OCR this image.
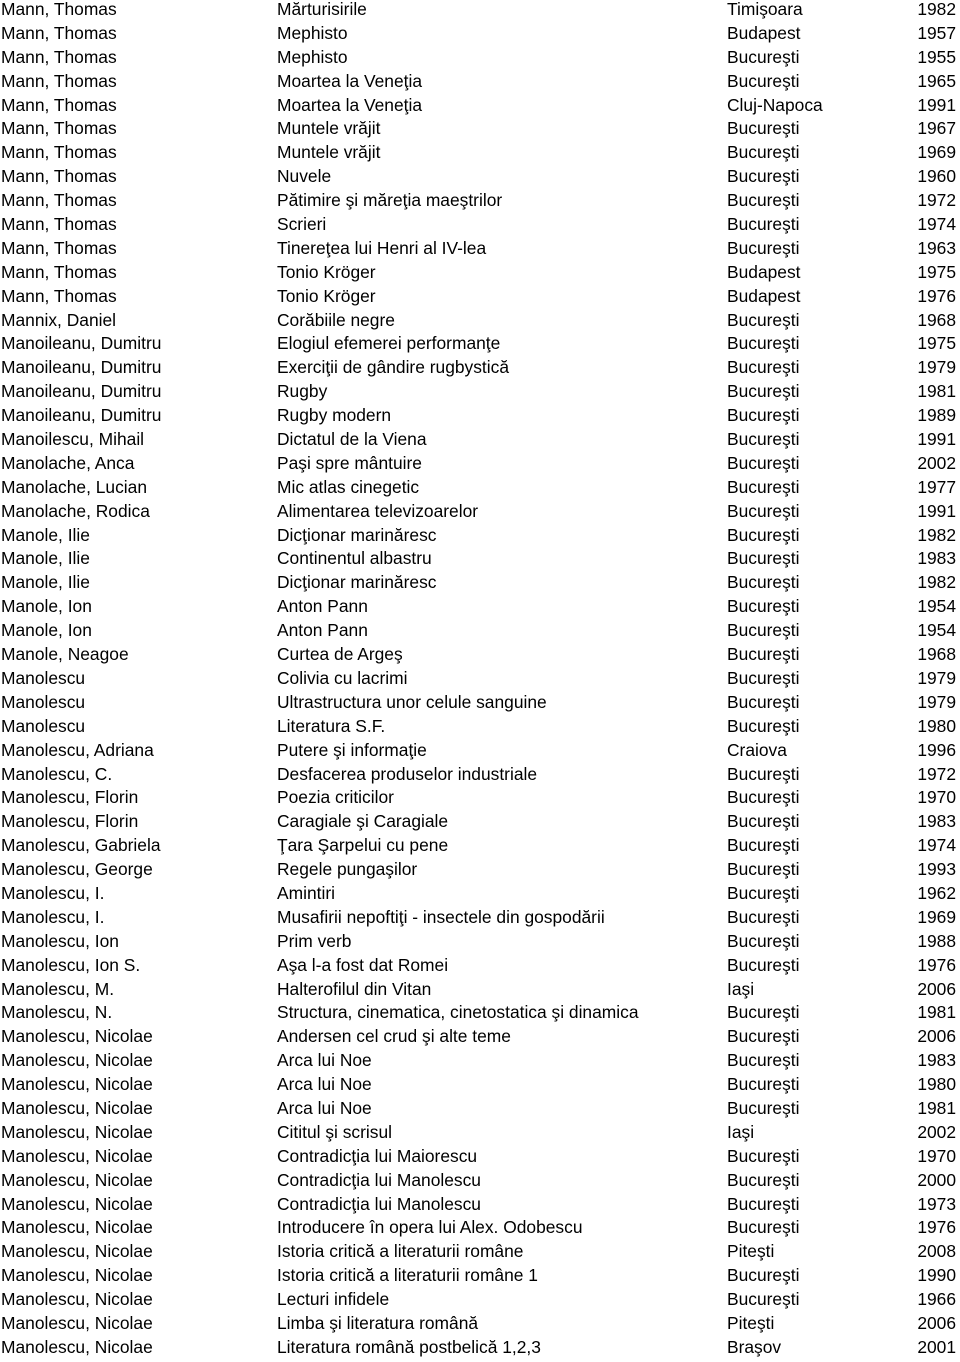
Mann, Thomas	Mărturisirile	Timişoara	1982
Mann, Thomas	Mephisto	Budapest	1957
Mann, Thomas	Mephisto	Bucureşti	1955
Mann, Thomas	Moartea la Veneţia	Bucureşti	1965
Mann, Thomas	Moartea la Veneţia	Cluj-Napoca	1991
Mann, Thomas	Muntele vrăjit	Bucureşti	1967
Mann, Thomas	Muntele vrăjit	Bucureşti	1969
Mann, Thomas	Nuvele	Bucureşti	1960
Mann, Thomas	Pătimire şi măreţia maeştrilor	Bucureşti	1972
Mann, Thomas	Scrieri	Bucureşti	1974
Mann, Thomas	Tinereţea lui Henri al IV-lea	Bucureşti	1963
Mann, Thomas	Tonio Kröger	Budapest	1975
Mann, Thomas	Tonio Kröger	Budapest	1976
Mannix, Daniel	Corăbiile negre	Bucureşti	1968
Manoileanu, Dumitru	Elogiul efemerei performanţe	Bucureşti	1975
Manoileanu, Dumitru	Exerciţii de gândire rugbystică	Bucureşti	1979
Manoileanu, Dumitru	Rugby	Bucureşti	1981
Manoileanu, Dumitru	Rugby modern	Bucureşti	1989
Manoilescu, Mihail	Dictatul de la Viena	Bucureşti	1991
Manolache, Anca	Paşi spre mântuire	Bucureşti	2002
Manolache, Lucian	Mic atlas cinegetic	Bucureşti	1977
Manolache, Rodica	Alimentarea televizoarelor	Bucureşti	1991
Manole, Ilie	Dicţionar marinăresc	Bucureşti	1982
Manole, Ilie	Continentul albastru	Bucureşti	1983
Manole, Ilie	Dicţionar marinăresc	Bucureşti	1982
Manole, Ion	Anton Pann	Bucureşti	1954
Manole, Ion	Anton Pann	Bucureşti	1954
Manole, Neagoe	Curtea de Argeş	Bucureşti	1968
Manolescu	Colivia cu lacrimi	Bucureşti	1979
Manolescu	Ultrastructura unor celule sanguine	Bucureşti	1979
Manolescu	Literatura S.F.	Bucureşti	1980
Manolescu, Adriana	Putere şi informaţie	Craiova	1996
Manolescu, C.	Desfacerea produselor industriale	Bucureşti	1972
Manolescu, Florin	Poezia criticilor	Bucureşti	1970
Manolescu, Florin	Caragiale şi Caragiale	Bucureşti	1983
Manolescu, Gabriela	Ţara Şarpelui cu pene	Bucureşti	1974
Manolescu, George	Regele pungaşilor	Bucureşti	1993
Manolescu, I.	Amintiri	Bucureşti	1962
Manolescu, I.	Musafirii nepoftiţi - insectele din gospodării	Bucureşti	1969
Manolescu, Ion	Prim verb	Bucureşti	1988
Manolescu, Ion S.	Aşa l-a fost dat Romei	Bucureşti	1976
Manolescu, M.	Halterofilul din Vitan	Iaşi	2006
Manolescu, N.	Structura, cinematica, cinetostatica şi dinamica	Bucureşti	1981
Manolescu, Nicolae	Andersen cel crud şi alte teme	Bucureşti	2006
Manolescu, Nicolae	Arca lui Noe	Bucureşti	1983
Manolescu, Nicolae	Arca lui Noe	Bucureşti	1980
Manolescu, Nicolae	Arca lui Noe	Bucureşti	1981
Manolescu, Nicolae	Cititul şi scrisul	Iaşi	2002
Manolescu, Nicolae	Contradicţia lui Maiorescu	Bucureşti	1970
Manolescu, Nicolae	Contradicţia lui Manolescu	Bucureşti	2000
Manolescu, Nicolae	Contradicţia lui Manolescu	Bucureşti	1973
Manolescu, Nicolae	Introducere în opera lui Alex. Odobescu	Bucureşti	1976
Manolescu, Nicolae	Istoria critică a literaturii române	Piteşti	2008
Manolescu, Nicolae	Istoria critică a literaturii române 1	Bucureşti	1990
Manolescu, Nicolae	Lecturi infidele	Bucureşti	1966
Manolescu, Nicolae	Limba şi literatura română	Piteşti	2006
Manolescu, Nicolae	Literatura română postbelică 1,2,3	Braşov	2001
